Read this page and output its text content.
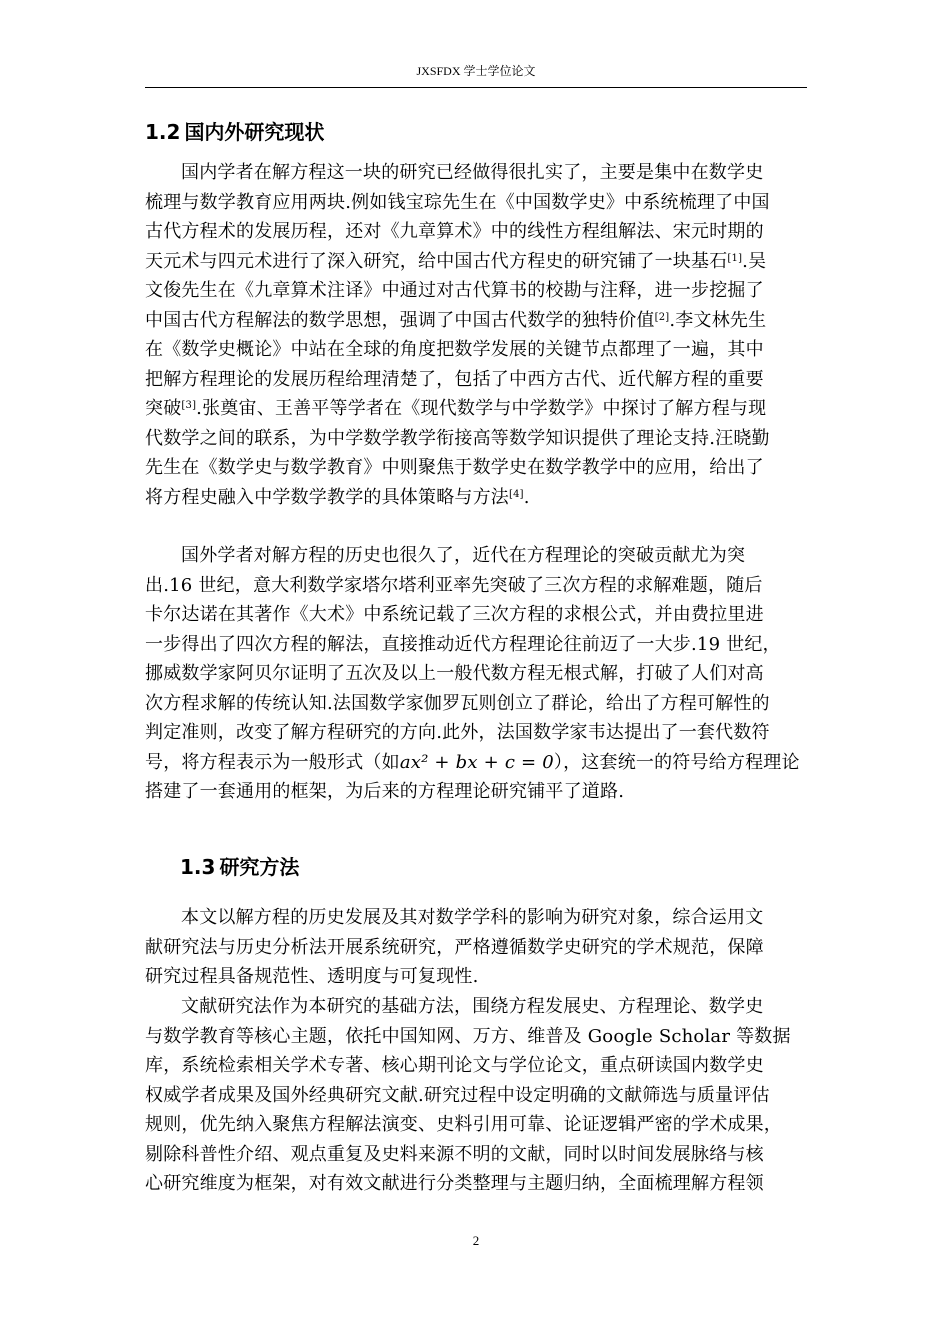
JXSFDX 学士学位论文
1.2 国内外研究现状
国内学者在解方程这一块的研究已经做得很扎实了，主要是集中在数学史
梳理与数学教育应用两块.例如钱宝琮先生在《中国数学史》中系统梳理了中国
古代方程术的发展历程，还对《九章算术》中的线性方程组解法、宋元时期的
天元术与四元术进行了深入研究，给中国古代方程史的研究铺了一块基石[1].吴
文俊先生在《九章算术注译》中通过对古代算书的校勘与注释，进一步挖掘了
中国古代方程解法的数学思想，强调了中国古代数学的独特价值[2].李文林先生
在《数学史概论》中站在全球的角度把数学发展的关键节点都理了一遍，其中
把解方程理论的发展历程给理清楚了，包括了中西方古代、近代解方程的重要
突破[3].张奠宙、王善平等学者在《现代数学与中学数学》中探讨了解方程与现
代数学之间的联系，为中学数学教学衔接高等数学知识提供了理论支持.汪晓勤
先生在《数学史与数学教育》中则聚焦于数学史在数学教学中的应用，给出了
将方程史融入中学数学教学的具体策略与方法[4].
国外学者对解方程的历史也很久了，近代在方程理论的突破贡献尤为突
出.16 世纪，意大利数学家塔尔塔利亚率先突破了三次方程的求解难题，随后
卡尔达诺在其著作《大术》中系统记载了三次方程的求根公式，并由费拉里进
一步得出了四次方程的解法，直接推动近代方程理论往前迈了一大步.19 世纪，
挪威数学家阿贝尔证明了五次及以上一般代数方程无根式解，打破了人们对高
次方程求解的传统认知.法国数学家伽罗瓦则创立了群论，给出了方程可解性的
判定准则，改变了解方程研究的方向.此外，法国数学家韦达提出了一套代数符
号，将方程表示为一般形式（如ax² + bx + c = 0），这套统一的符号给方程理论
搭建了一套通用的框架，为后来的方程理论研究铺平了道路.
1.3 研究方法
本文以解方程的历史发展及其对数学学科的影响为研究对象，综合运用文
献研究法与历史分析法开展系统研究，严格遵循数学史研究的学术规范，保障
研究过程具备规范性、透明度与可复现性.
文献研究法作为本研究的基础方法，围绕方程发展史、方程理论、数学史
与数学教育等核心主题，依托中国知网、万方、维普及 Google Scholar 等数据
库，系统检索相关学术专著、核心期刊论文与学位论文，重点研读国内数学史
权威学者成果及国外经典研究文献.研究过程中设定明确的文献筛选与质量评估
规则，优先纳入聚焦方程解法演变、史料引用可靠、论证逻辑严密的学术成果，
剔除科普性介绍、观点重复及史料来源不明的文献，同时以时间发展脉络与核
心研究维度为框架，对有效文献进行分类整理与主题归纳，全面梳理解方程领
2
